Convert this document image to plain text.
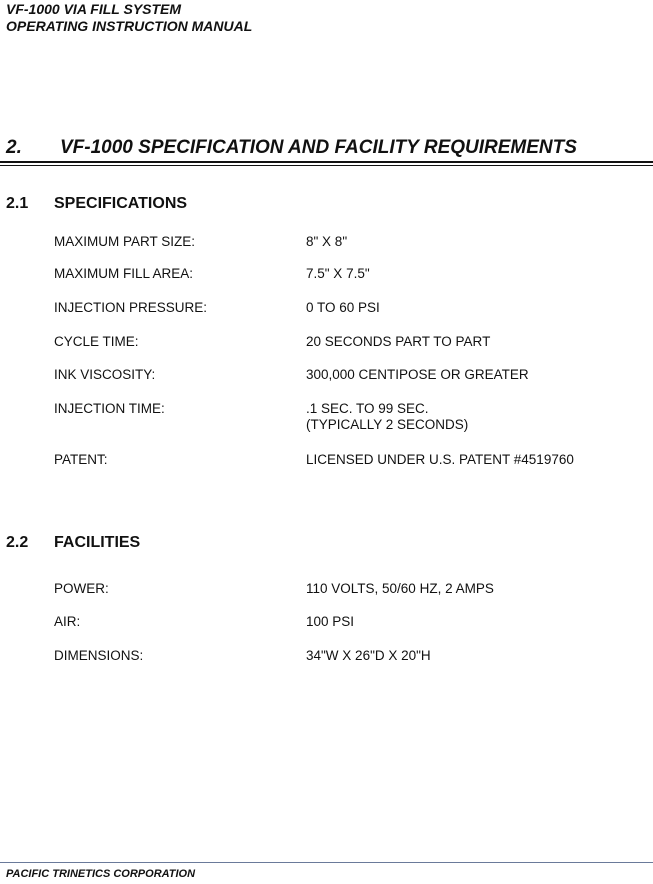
VF-1000 VIA FILL SYSTEM
OPERATING INSTRUCTION MANUAL
2. VF-1000 SPECIFICATION AND FACILITY REQUIREMENTS
2.1 SPECIFICATIONS
MAXIMUM PART SIZE:	8" X 8"
MAXIMUM FILL AREA:	7.5" X 7.5"
INJECTION PRESSURE:	0 TO 60 PSI
CYCLE TIME:	20 SECONDS PART TO PART
INK VISCOSITY:	300,000 CENTIPOSE OR GREATER
INJECTION TIME:	.1 SEC. TO 99 SEC.
(TYPICALLY 2 SECONDS)
PATENT:	LICENSED UNDER U.S. PATENT #4519760
2.2 FACILITIES
POWER:	110 VOLTS, 50/60 HZ, 2 AMPS
AIR:	100 PSI
DIMENSIONS:	34"W X 26"D X 20"H
PACIFIC TRINETICS CORPORATION
